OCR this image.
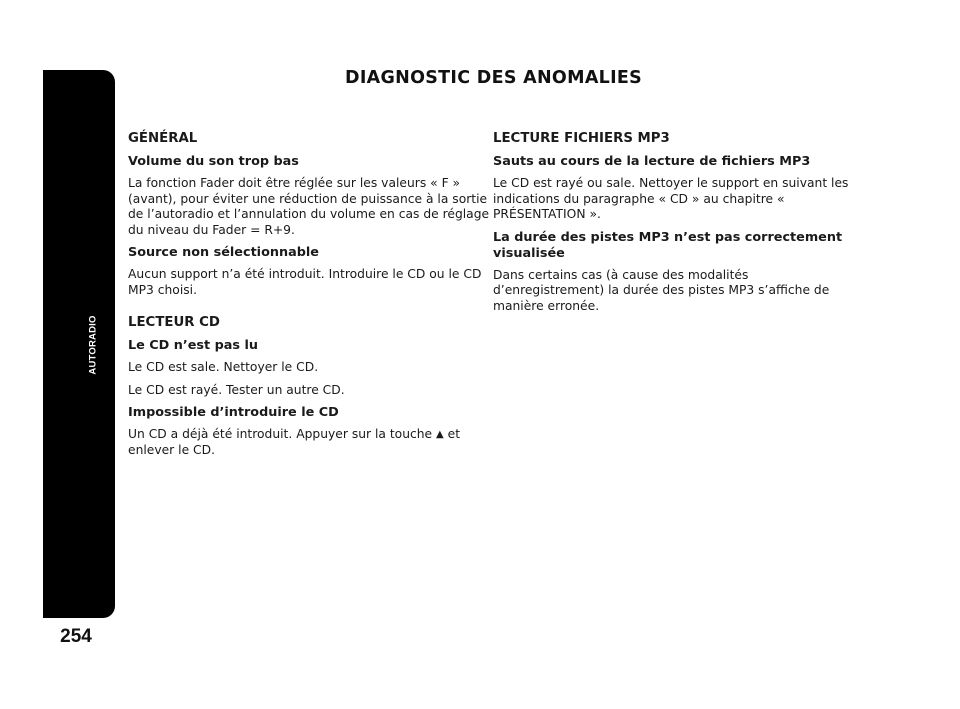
AUTORADIO
254
DIAGNOSTIC DES ANOMALIES
GÉNÉRAL
Volume du son trop bas
La fonction Fader doit être réglée sur les valeurs « F » (avant), pour éviter une réduction de puissance à la sortie de l’autoradio et l’annulation du volume en cas de réglage du niveau du Fader = R+9.
Source non sélectionnable
Aucun support n’a été introduit. Introduire le CD ou le CD MP3 choisi.
LECTEUR CD
Le CD n’est pas lu
Le CD est sale. Nettoyer le CD.
Le CD est rayé. Tester un autre CD.
Impossible d’introduire le CD
Un CD a déjà été introduit. Appuyer sur la touche ▲ et enlever le CD.
LECTURE FICHIERS MP3
Sauts au cours de la lecture de fichiers MP3
Le CD est rayé ou sale. Nettoyer le support en suivant les indications du paragraphe « CD » au chapitre « PRÉSENTATION ».
La durée des pistes MP3 n’est pas correctement visualisée
Dans certains cas (à cause des modalités d’enregistrement) la durée des pistes MP3 s’affiche de manière erronée.
